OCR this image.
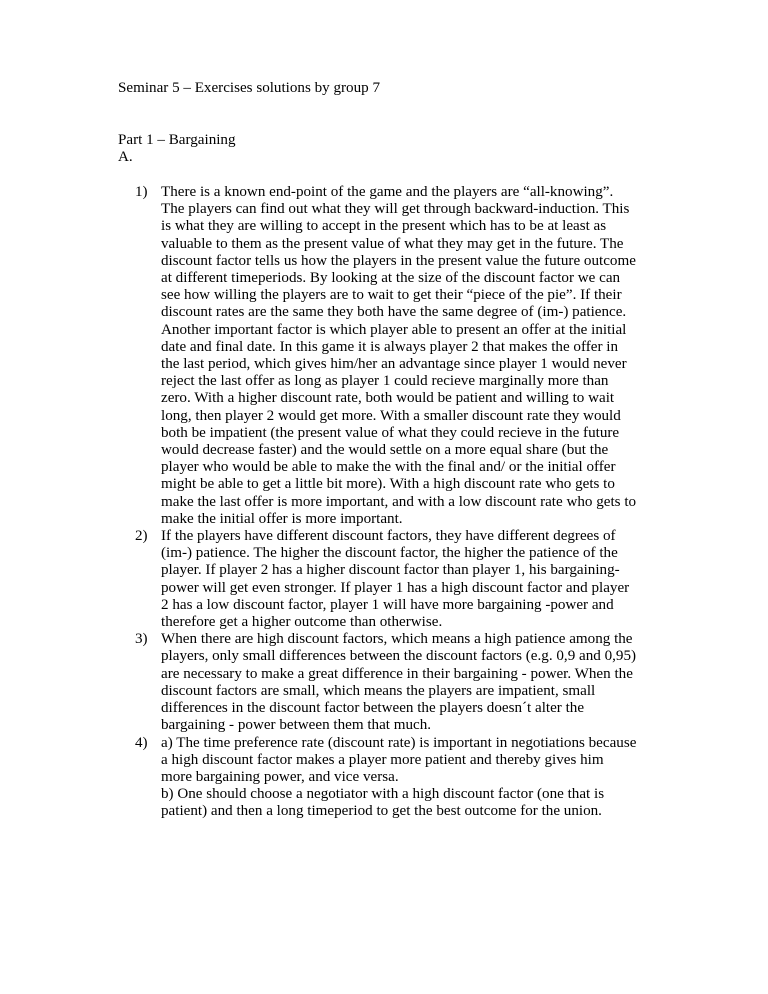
Seminar 5 – Exercises solutions by group 7
Part 1 – Bargaining
A.
1) There is a known end-point of the game and the players are “all-knowing”.
The players can find out what they will get through backward-induction. This
is what they are willing to accept in the present which has to be at least as
valuable to them as the present value of what they may get in the future. The
discount factor tells us how the players in the present value the future outcome
at different timeperiods. By looking at the size of the discount factor we can
see how willing the players are to wait to get their “piece of the pie”. If their
discount rates are the same they both have the same degree of (im-) patience.
Another important factor is which player able to present an offer at the initial
date and final date. In this game it is always player 2 that makes the offer in
the last period, which gives him/her an advantage since player 1 would never
reject the last offer as long as player 1 could recieve marginally more than
zero. With a higher discount rate, both would be patient and willing to wait
long, then player 2 would get more. With a smaller discount rate they would
both be impatient (the present value of what they could recieve in the future
would decrease faster) and the would settle on a more equal share (but the
player who would be able to make the with the final and/ or the initial offer
might be able to get a little bit more). With a high discount rate who gets to
make the last offer is more important, and with a low discount rate who gets to
make the initial offer is more important.
2) If the players have different discount factors, they have different degrees of
(im-) patience. The higher the discount factor, the higher the patience of the
player. If player 2 has a higher discount factor than player 1, his bargaining-
power will get even stronger. If player 1 has a high discount factor and player
2 has a low discount factor, player 1 will have more bargaining -power and
therefore get a higher outcome than otherwise.
3) When there are high discount factors, which means a high patience among the
players, only small differences between the discount factors (e.g. 0,9 and 0,95)
are necessary to make a great difference in their bargaining - power. When the
discount factors are small, which means the players are impatient, small
differences in the discount factor between the players doesn´t alter the
bargaining - power between them that much.
4) a) The time preference rate (discount rate) is important in negotiations because
a high discount factor makes a player more patient and thereby gives him
more bargaining power, and vice versa.
b) One should choose a negotiator with a high discount factor (one that is
patient) and then a long timeperiod to get the best outcome for the union.
